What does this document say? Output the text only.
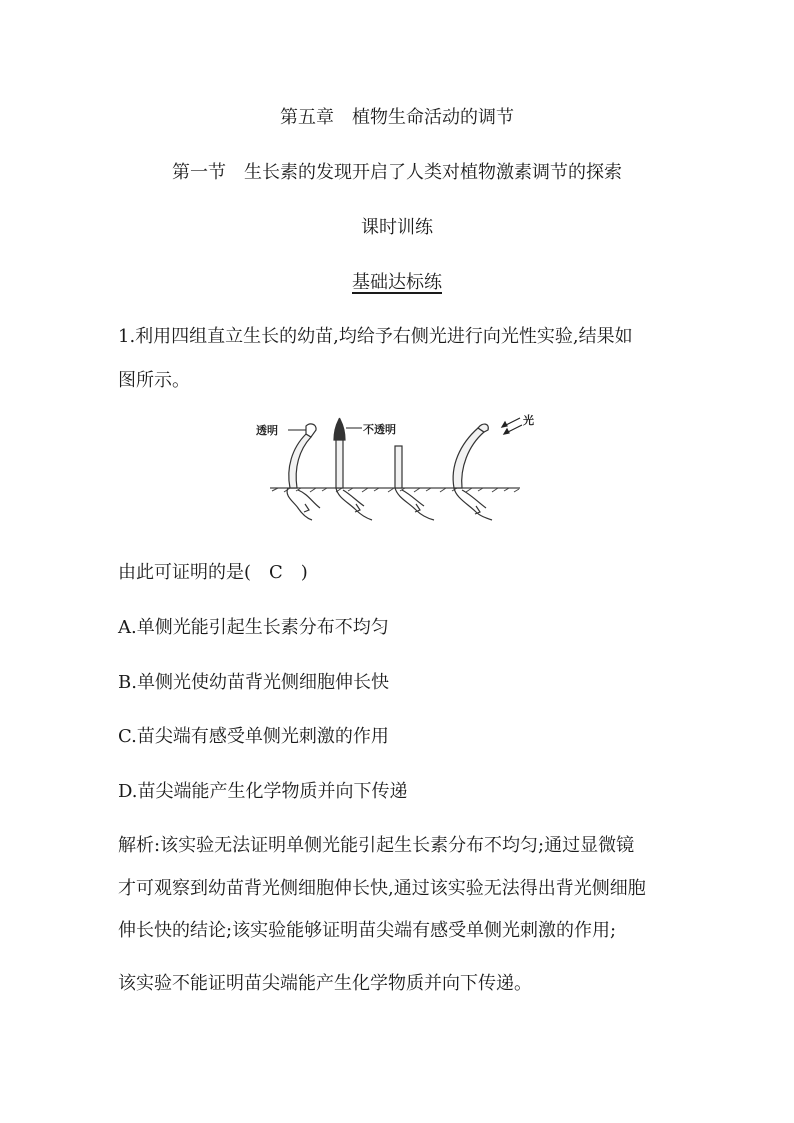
第五章　植物生命活动的调节
第一节　生长素的发现开启了人类对植物激素调节的探索
课时训练
基础达标练
1.利用四组直立生长的幼苗,均给予右侧光进行向光性实验,结果如
图所示。
透明	不透明
光
由此可证明的是(　C　)
A.单侧光能引起生长素分布不均匀
B.单侧光使幼苗背光侧细胞伸长快
C.苗尖端有感受单侧光刺激的作用
D.苗尖端能产生化学物质并向下传递
解析:该实验无法证明单侧光能引起生长素分布不均匀;通过显微镜
才可观察到幼苗背光侧细胞伸长快,通过该实验无法得出背光侧细胞
伸长快的结论;该实验能够证明苗尖端有感受单侧光刺激的作用;
该实验不能证明苗尖端能产生化学物质并向下传递。
